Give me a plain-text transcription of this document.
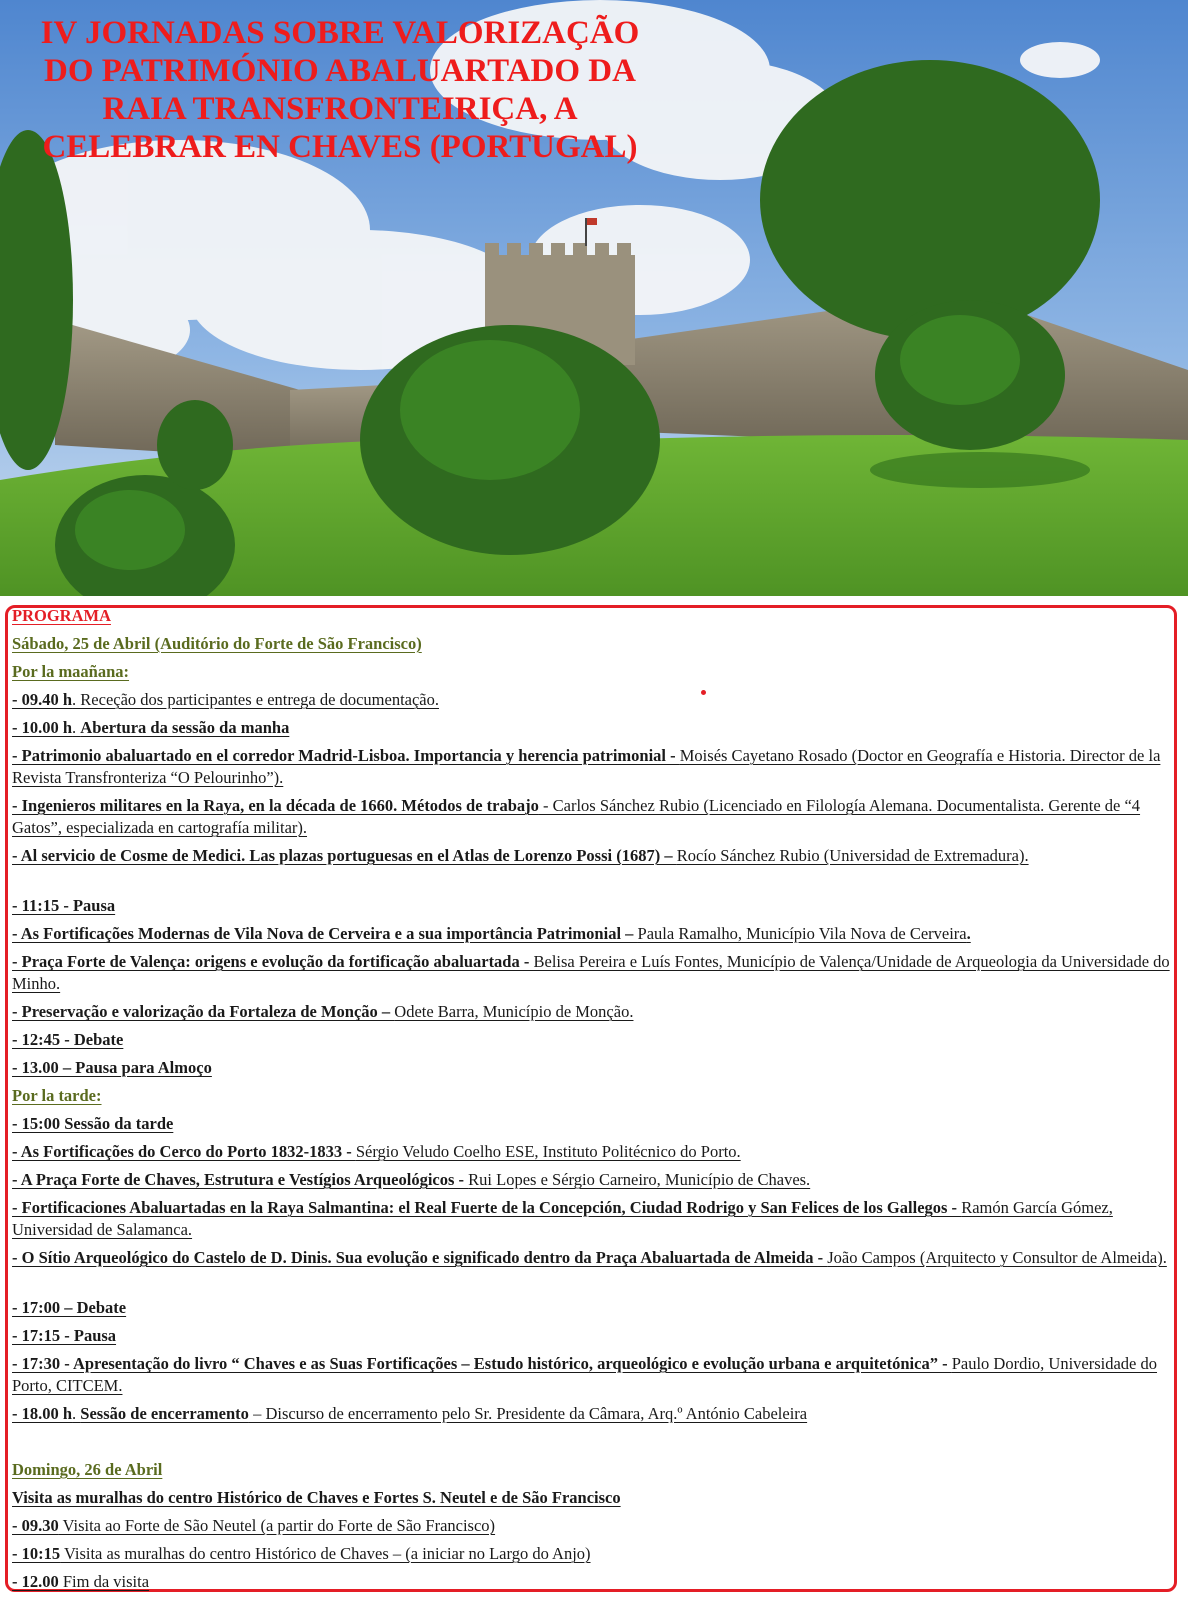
IV JORNADAS SOBRE VALORIZAÇÃO DO PATRIMÓNIO ABALUARTADO DA RAIA TRANSFRONTEIRIÇA, A CELEBRAR EN CHAVES (PORTUGAL)

PROGRAMA

Sábado, 25 de Abril (Auditório do Forte de São Francisco)

Por la maañana:

- 09.40 h. Receção dos participantes e entrega de documentação.

- 10.00 h. Abertura da sessão da manha

- Patrimonio abaluartado en el corredor Madrid-Lisboa. Importancia y herencia patrimonial - Moisés Cayetano Rosado (Doctor en Geografía e Historia. Director de la Revista Transfronteriza “O Pelourinho”).

- Ingenieros militares en la Raya, en la década de 1660. Métodos de trabajo - Carlos Sánchez Rubio (Licenciado en Filología Alemana. Documentalista. Gerente de “4 Gatos”, especializada en cartografía militar).

- Al servicio de Cosme de Medici. Las plazas portuguesas en el Atlas de Lorenzo Possi (1687) – Rocío Sánchez Rubio (Universidad de Extremadura).

- 11:15 - Pausa

- As Fortificações Modernas de Vila Nova de Cerveira e a sua importância Patrimonial – Paula Ramalho, Município Vila Nova de Cerveira.

- Praça Forte de Valença: origens e evolução da fortificação abaluartada - Belisa Pereira e Luís Fontes, Município de Valença/Unidade de Arqueologia da Universidade do Minho.

- Preservação e valorização da Fortaleza de Monção – Odete Barra, Município de Monção.

- 12:45 - Debate

- 13.00 – Pausa para Almoço

Por la tarde:

- 15:00 Sessão da tarde

- As Fortificações do Cerco do Porto 1832-1833 - Sérgio Veludo Coelho ESE, Instituto Politécnico do Porto.

- A Praça Forte de Chaves, Estrutura e Vestígios Arqueológicos - Rui Lopes e Sérgio Carneiro, Município de Chaves.

- Fortificaciones Abaluartadas en la Raya Salmantina: el Real Fuerte de la Concepción, Ciudad Rodrigo y San Felices de los Gallegos - Ramón García Gómez, Universidad de Salamanca.

- O Sítio Arqueológico do Castelo de D. Dinis. Sua evolução e significado dentro da Praça Abaluartada de Almeida - João Campos (Arquitecto y Consultor de Almeida).

- 17:00 – Debate

- 17:15 - Pausa

- 17:30 - Apresentação do livro “ Chaves e as Suas Fortificações – Estudo histórico, arqueológico e evolução urbana e arquitetónica” - Paulo Dordio, Universidade do Porto, CITCEM.

- 18.00 h. Sessão de encerramento – Discurso de encerramento pelo Sr. Presidente da Câmara, Arq.º António Cabeleira

Domingo, 26 de Abril

Visita as muralhas do centro Histórico de Chaves e Fortes S. Neutel e de São Francisco

- 09.30 Visita ao Forte de São Neutel (a partir do Forte de São Francisco)

- 10:15 Visita as muralhas do centro Histórico de Chaves – (a iniciar no Largo do Anjo)

- 12.00 Fim da visita
